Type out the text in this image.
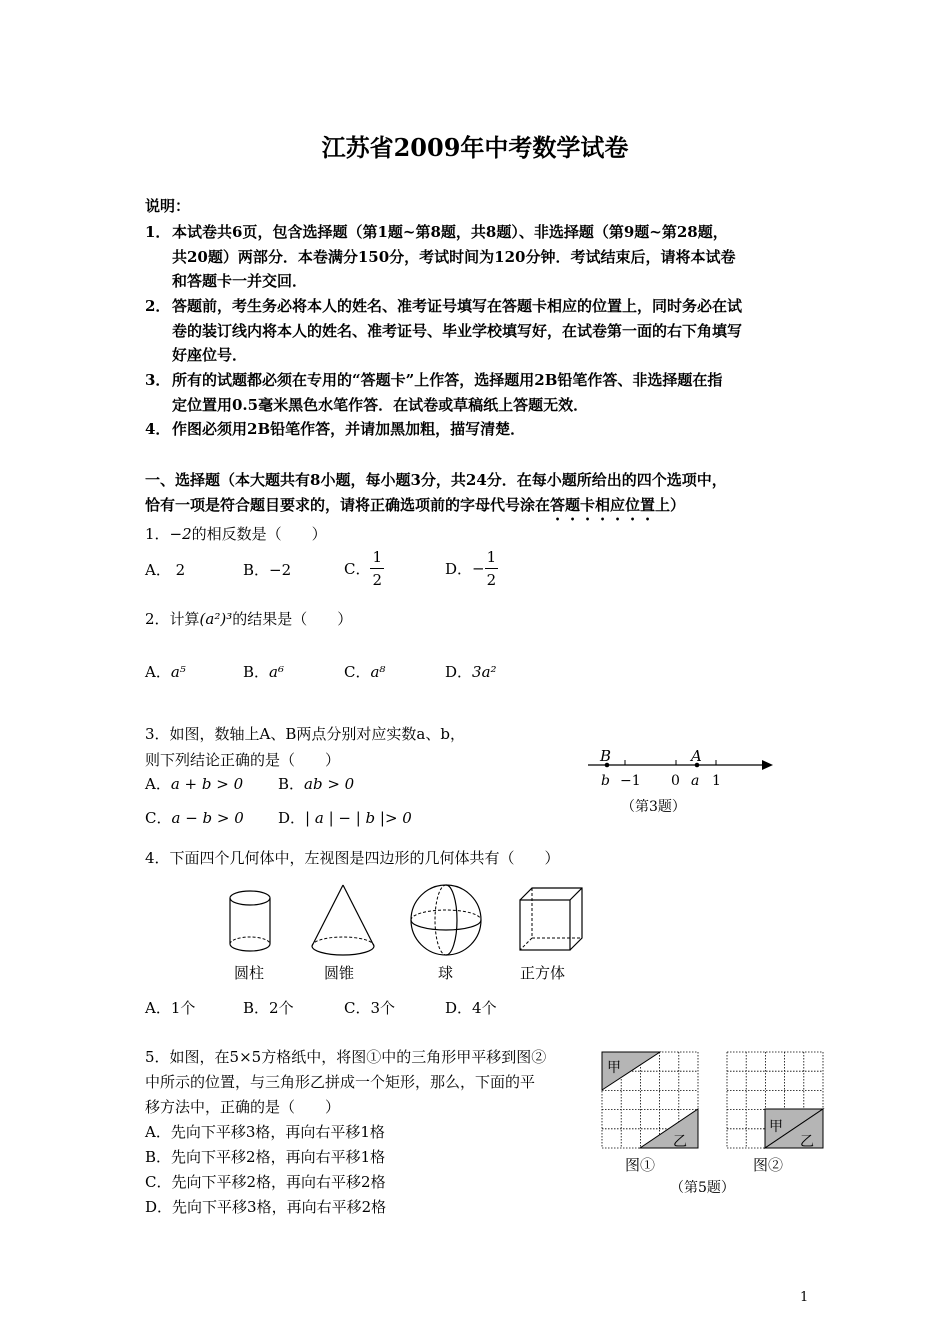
江苏省2009年中考数学试卷
说明：
1． 本试卷共6页，包含选择题（第1题~第8题，共8题）、非选择题（第9题~第28题，
共20题）两部分．本卷满分150分，考试时间为120分钟．考试结束后，请将本试卷
和答题卡一并交回．
2． 答题前，考生务必将本人的姓名、准考证号填写在答题卡相应的位置上，同时务必在试
卷的装订线内将本人的姓名、准考证号、毕业学校填写好，在试卷第一面的右下角填写
好座位号．
3． 所有的试题都必须在专用的“答题卡”上作答，选择题用2B铅笔作答、非选择题在指
定位置用0.5毫米黑色水笔作答．在试卷或草稿纸上答题无效．
4． 作图必须用2B铅笔作答，并请加黑加粗，描写清楚．
一、选择题（本大题共有8小题，每小题3分，共24分．在每小题所给出的四个选项中，
恰有一项是符合题目要求的，请将正确选项前的字母代号涂在答题卡相应位置上）
1．−2的相反数是（　　）
A． 2	B．−2	C． $\frac{1}{2}$	D．− $\frac{1}{2}$
2．计算(a²)³的结果是（　　）
A．a⁵	B．a⁶	C．a⁸	D．3a²
3．如图，数轴上A、B两点分别对应实数a、b，
则下列结论正确的是（　　）
A．a + b > 0 B．ab > 0
C．a − b > 0 D．| a | − | b |> 0
B	A
b −1 0 a 1
（第3题）
4．下面四个几何体中，左视图是四边形的几何体共有（　　）
圆柱	圆锥	球	正方体
A．1个	B．2个	C．3个	D．4个
5．如图，在5×5方格纸中，将图①中的三角形甲平移到图②
中所示的位置，与三角形乙拼成一个矩形，那么，下面的平
移方法中，正确的是（　　）
A．先向下平移3格，再向右平移1格
B．先向下平移2格，再向右平移1格
C．先向下平移2格，再向右平移2格
D．先向下平移3格，再向右平移2格
甲
乙
甲
乙
图①	图②
（第5题）
1
